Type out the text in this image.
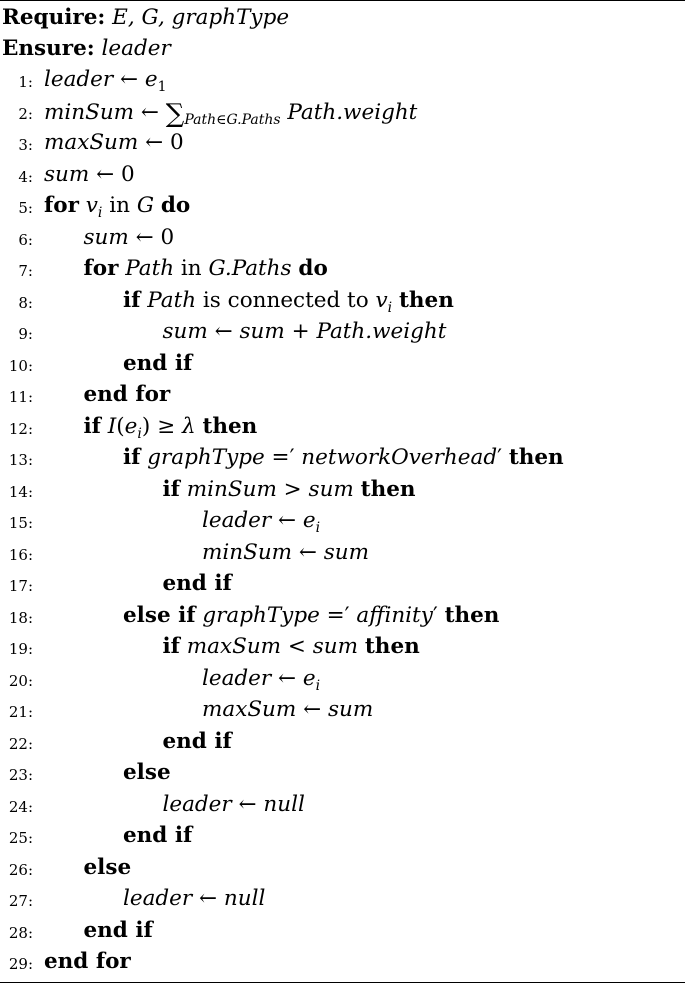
Require: E, G, graphType
Ensure: leader
1: leader ← $e_1$
2: minSum ← $\sum_{Path\in G.Paths}$ Path.weight
3: maxSum ← 0
4: sum ← 0
5: for $v_i$ in G do
6: sum ← 0
7: for Path in G.Paths do
8:	if Path is connected to $v_i$ then
9:	sum ← sum + Path.weight
10:	end if
11: end for
12: if $I(e_i) \ge \lambda$ then
13:	if graphType =′ networkOverhead′ then
14:	if minSum > sum then
15:	leader ← $e_i$
16:	minSum ← sum
17:	end if
18:	else if graphType =′ affinity′ then
19:	if maxSum < sum then
20:	leader ← $e_i$
21:	maxSum ← sum
22:	end if
23:	else
24:	leader ← null
25:	end if
26: else
27:	leader ← null
28: end if
29: end for
